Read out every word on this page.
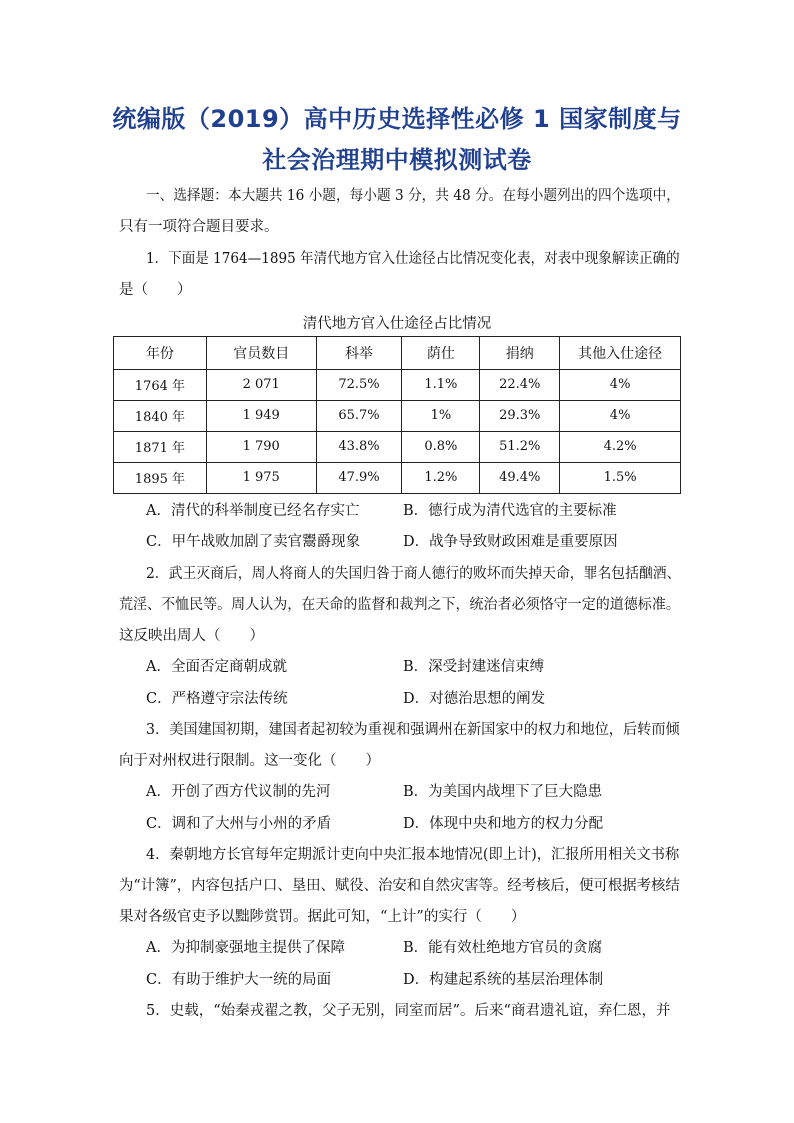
统编版（2019）高中历史选择性必修 1 国家制度与
社会治理期中模拟测试卷
一、选择题：本大题共 16 小题，每小题 3 分，共 48 分。在每小题列出的四个选项中，
只有一项符合题目要求。
1．下面是 1764—1895 年清代地方官入仕途径占比情况变化表，对表中现象解读正确的
是（　　）
清代地方官入仕途径占比情况
年份	官员数目	科举	荫仕	捐纳	其他入仕途径
1764 年	2 071	72.5%	1.1%	22.4%	4%
1840 年	1 949	65.7%	1%	29.3%	4%
1871 年	1 790	43.8%	0.8%	51.2%	4.2%
1895 年	1 975	47.9%	1.2%	49.4%	1.5%
A．清代的科举制度已经名存实亡	B．德行成为清代选官的主要标准
C．甲午战败加剧了卖官鬻爵现象	D．战争导致财政困难是重要原因
2．武王灭商后，周人将商人的失国归咎于商人德行的败坏而失掉天命，罪名包括酗酒、
荒淫、不恤民等。周人认为，在天命的监督和裁判之下，统治者必须恪守一定的道德标准。
这反映出周人（　　）
A．全面否定商朝成就	B．深受封建迷信束缚
C．严格遵守宗法传统	D．对德治思想的阐发
3．美国建国初期，建国者起初较为重视和强调州在新国家中的权力和地位，后转而倾
向于对州权进行限制。这一变化（　　）
A．开创了西方代议制的先河	B．为美国内战埋下了巨大隐患
C．调和了大州与小州的矛盾	D．体现中央和地方的权力分配
4．秦朝地方长官每年定期派计吏向中央汇报本地情况(即上计)，汇报所用相关文书称
为“计簿”，内容包括户口、垦田、赋役、治安和自然灾害等。经考核后，便可根据考核结
果对各级官吏予以黜陟赏罚。据此可知，“上计”的实行（　　）
A．为抑制豪强地主提供了保障	B．能有效杜绝地方官员的贪腐
C．有助于维护大一统的局面	D．构建起系统的基层治理体制
5．史载，“始秦戎翟之教，父子无别，同室而居”。后来“商君遗礼谊，弃仁恩，并
